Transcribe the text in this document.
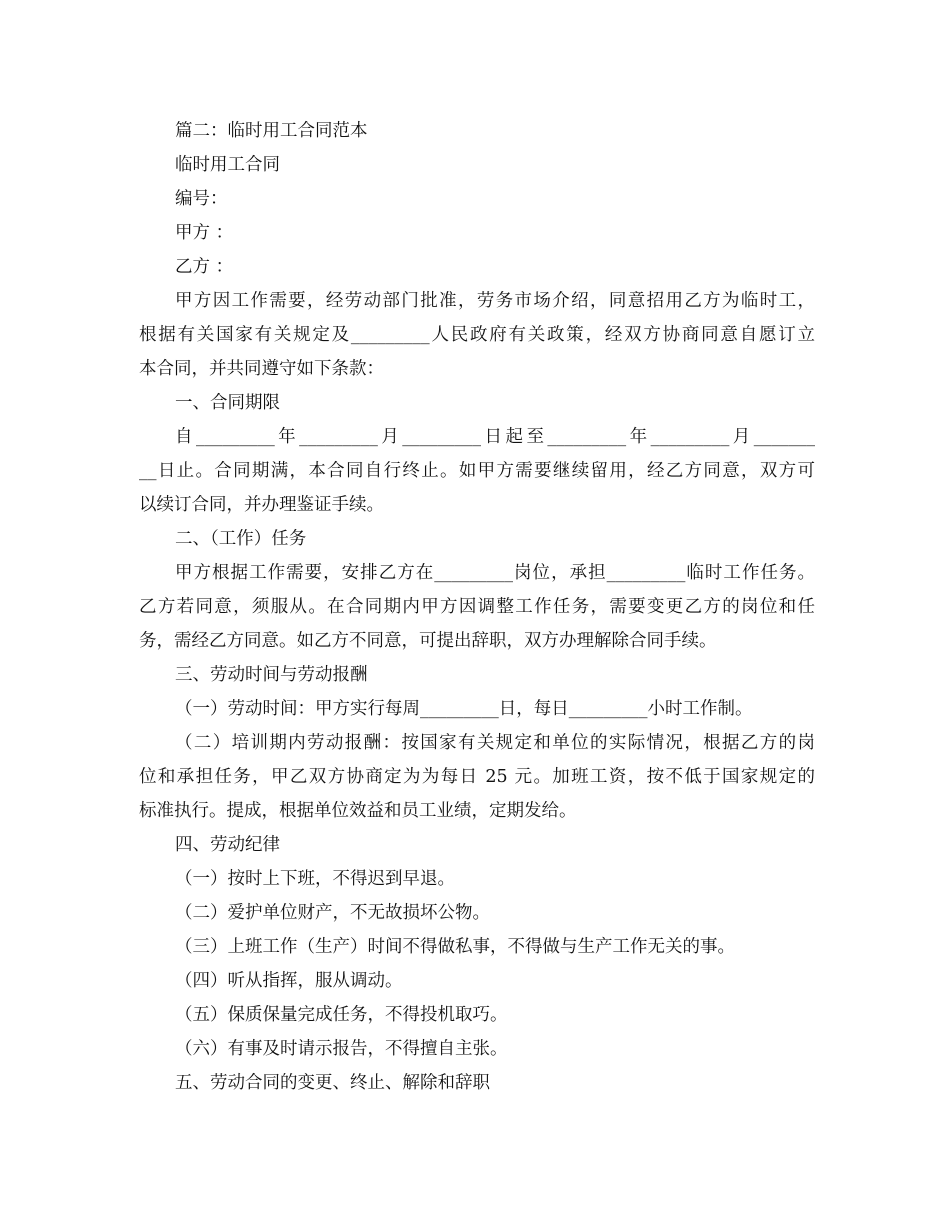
篇二：临时用工合同范本
临时用工合同
编号：
甲方 ：
乙方 ：
甲方因工作需要，经劳动部门批准，劳务市场介绍，同意招用乙方为临时工，
根据有关国家有关规定及_________人民政府有关政策，经双方协商同意自愿订立
本合同，并共同遵守如下条款：
一、合同期限
自_________年_________月_________日起至_________年_________月_______
__日止。合同期满，本合同自行终止。如甲方需要继续留用，经乙方同意，双方可
以续订合同，并办理鉴证手续。
二、（工作）任务
甲方根据工作需要，安排乙方在_________岗位，承担_________临时工作任务。
乙方若同意，须服从。在合同期内甲方因调整工作任务，需要变更乙方的岗位和任
务，需经乙方同意。如乙方不同意，可提出辞职，双方办理解除合同手续。
三、劳动时间与劳动报酬
（一）劳动时间：甲方实行每周_________日，每日_________小时工作制。
（二）培训期内劳动报酬：按国家有关规定和单位的实际情况，根据乙方的岗
位和承担任务，甲乙双方协商定为为每日 25 元。加班工资，按不低于国家规定的
标准执行。提成，根据单位效益和员工业绩，定期发给。
四、劳动纪律
（一）按时上下班，不得迟到早退。
（二）爱护单位财产，不无故损坏公物。
（三）上班工作（生产）时间不得做私事，不得做与生产工作无关的事。
（四）听从指挥，服从调动。
（五）保质保量完成任务，不得投机取巧。
（六）有事及时请示报告，不得擅自主张。
五、劳动合同的变更、终止、解除和辞职
